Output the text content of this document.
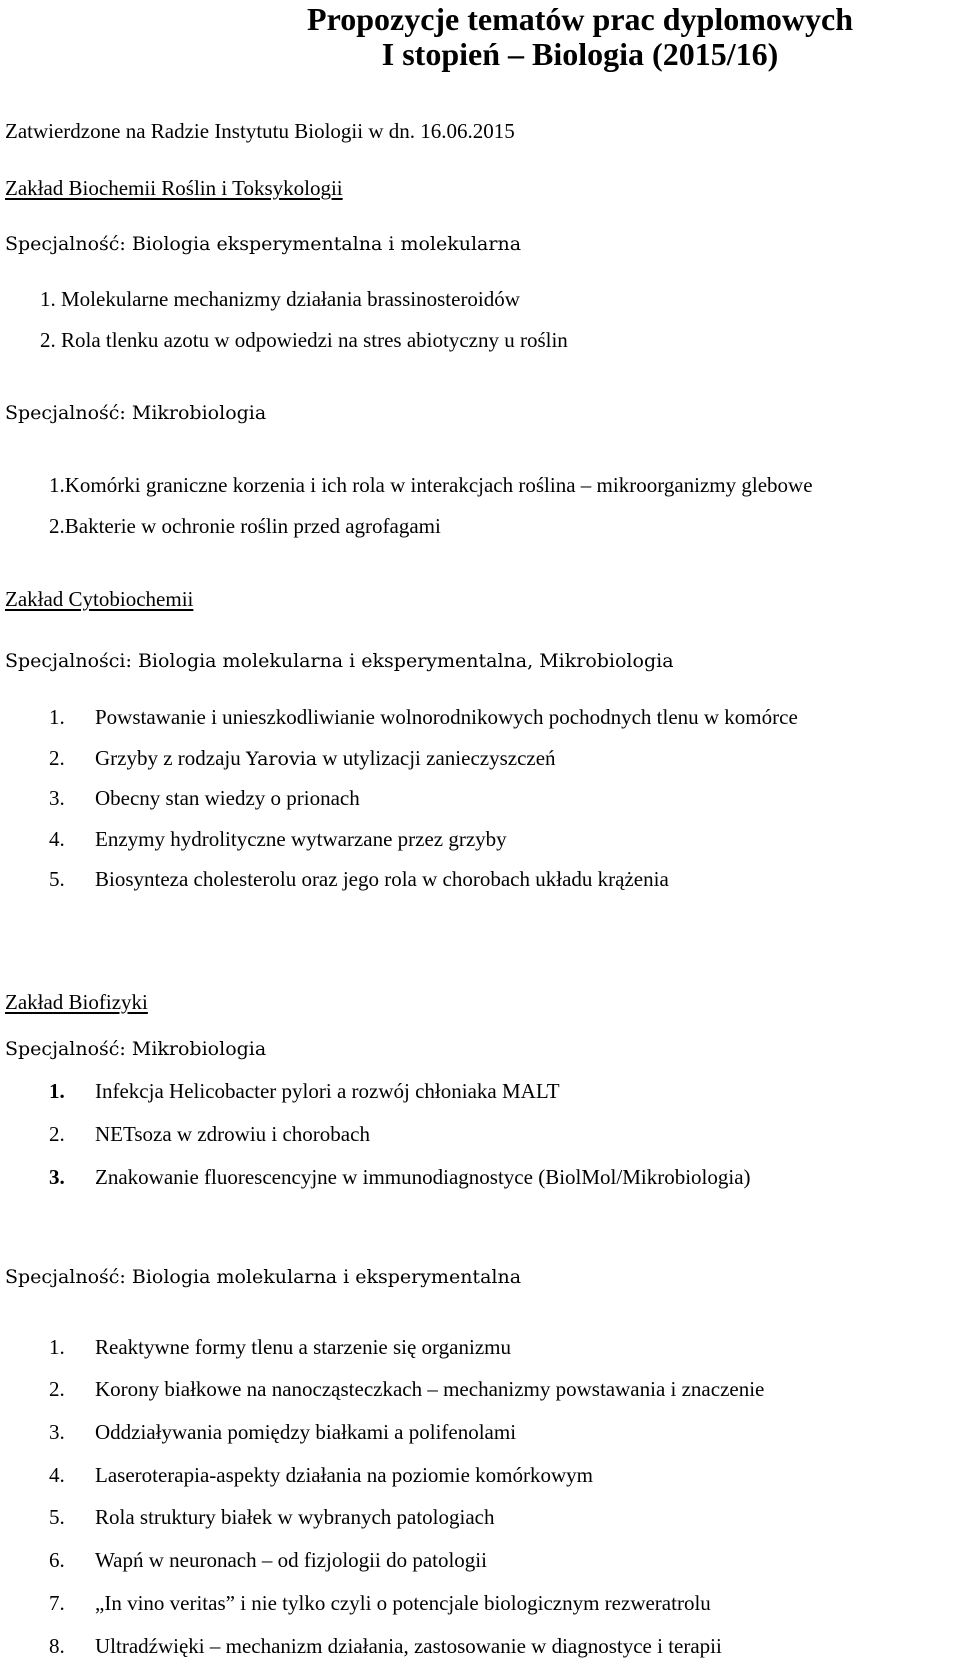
Propozycje tematów prac dyplomowych
I stopień – Biologia (2015/16)

Zatwierdzone na Radzie Instytutu Biologii w dn. 16.06.2015

Zakład Biochemii Roślin i Toksykologii

Specjalność: Biologia eksperymentalna i molekularna

1. Molekularne mechanizmy działania brassinosteroidów

2. Rola tlenku azotu w odpowiedzi na stres abiotyczny u roślin

Specjalność: Mikrobiologia

1.Komórki graniczne korzenia i ich rola w interakcjach roślina – mikroorganizmy glebowe

2.Bakterie w ochronie roślin przed agrofagami

Zakład Cytobiochemii

Specjalności: Biologia molekularna i eksperymentalna, Mikrobiologia

1. Powstawanie i unieszkodliwianie wolnorodnikowych pochodnych tlenu w komórce

2. Grzyby z rodzaju Yarovia w utylizacji zanieczyszczeń

3. Obecny stan wiedzy o prionach

4. Enzymy hydrolityczne wytwarzane przez grzyby

5. Biosynteza cholesterolu oraz jego rola w chorobach układu krążenia

Zakład Biofizyki

Specjalność: Mikrobiologia

1. Infekcja Helicobacter pylori a rozwój chłoniaka MALT

2. NETsoza w zdrowiu i chorobach

3. Znakowanie fluorescencyjne w immunodiagnostyce (BiolMol/Mikrobiologia)

Specjalność: Biologia molekularna i eksperymentalna

1. Reaktywne formy tlenu a starzenie się organizmu

2. Korony białkowe na nanocząsteczkach – mechanizmy powstawania i znaczenie

3. Oddziaływania pomiędzy białkami a polifenolami

4. Laseroterapia-aspekty działania na poziomie komórkowym

5. Rola struktury białek w wybranych patologiach

6. Wapń w neuronach – od fizjologii do patologii

7. „In vino veritas” i nie tylko czyli o potencjale biologicznym rezweratrolu

8. Ultradźwięki – mechanizm działania, zastosowanie w diagnostyce i terapii
